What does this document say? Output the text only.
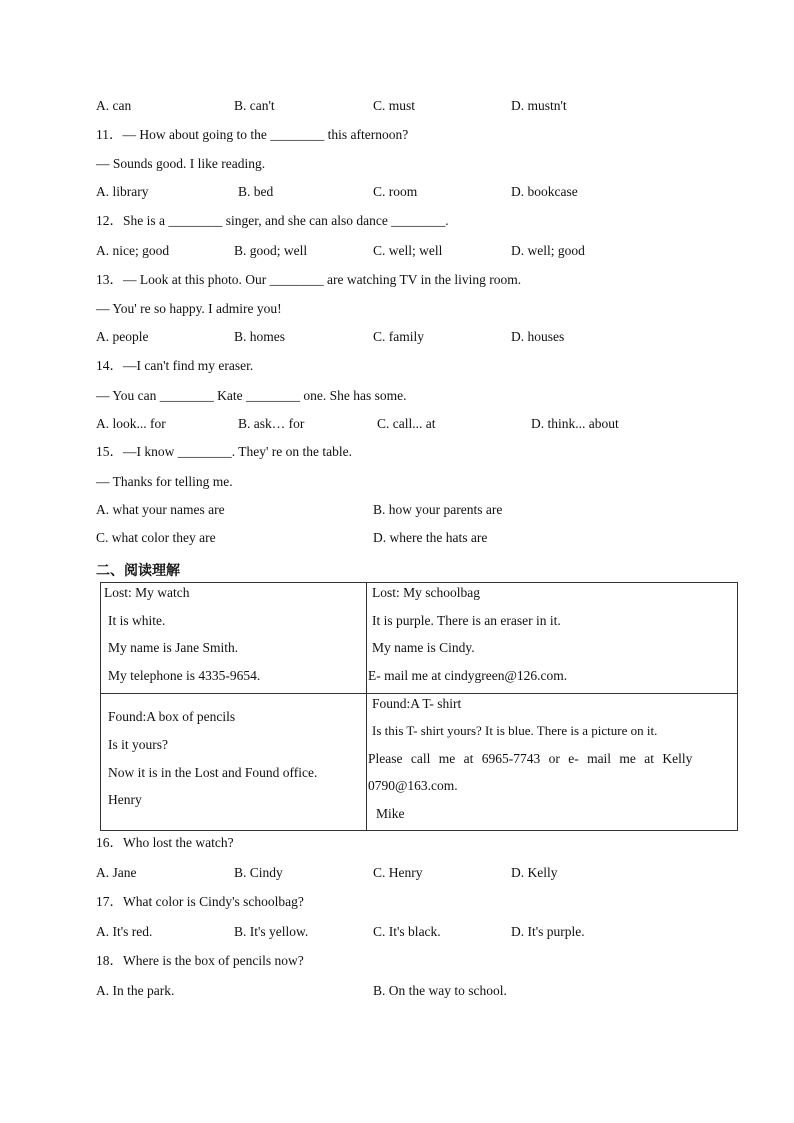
A. can	B. can't	C. must	D. mustn't
11．— How about going to the ________ this afternoon?
— Sounds good. I like reading.
A. library	B. bed	C. room	D. bookcase
12．She is a ________ singer, and she can also dance ________.
A. nice; good	B. good; well	C. well; well	D. well; good
13．— Look at this photo. Our ________ are watching TV in the living room.
— You' re so happy. I admire you!
A. people	B. homes	C. family	D. houses
14．—I can't find my eraser.
— You can ________ Kate ________ one. She has some.
A. look... for	B. ask… for	C. call... at	D. think... about
15．—I know ________. They' re on the table.
— Thanks for telling me.
A. what your names are	B. how your parents are
C. what color they are	D. where the hats are
二、阅读理解
Lost: My watch
It is white.
My name is Jane Smith.
My telephone is 4335-9654.
Lost: My schoolbag
It is purple. There is an eraser in it.
My name is Cindy.
E- mail me at cindygreen@126.com.
Found:A box of pencils
Is it yours?
Now it is in the Lost and Found office.
Henry
Found:A T- shirt
Is this T- shirt yours? It is blue. There is a picture on it.
Please call me at 6965-7743 or e- mail me at Kelly
0790@163.com.
Mike
16．Who lost the watch?
A. Jane	B. Cindy	C. Henry	D. Kelly
17．What color is Cindy's schoolbag?
A. It's red.	B. It's yellow.	C. It's black.	D. It's purple.
18．Where is the box of pencils now?
A. In the park.	B. On the way to school.
